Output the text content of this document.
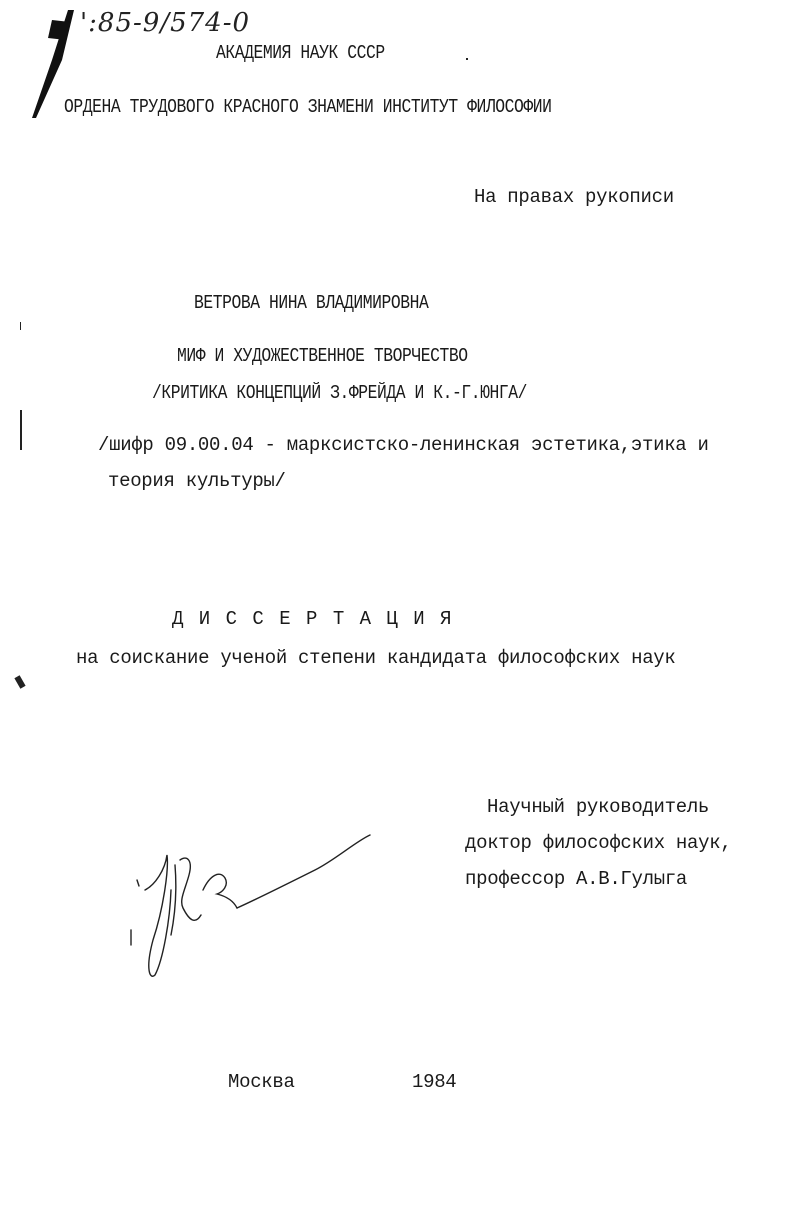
':85-9/574-0
АКАДЕМИЯ НАУК СССР
ОРДЕНА ТРУДОВОГО КРАСНОГО ЗНАМЕНИ ИНСТИТУТ ФИЛОСОФИИ
На правах рукописи
ВЕТРОВА НИНА ВЛАДИМИРОВНА
МИФ И ХУДОЖЕСТВЕННОЕ ТВОРЧЕСТВО
/КРИТИКА КОНЦЕПЦИЙ З.ФРЕЙДА И К.-Г.ЮНГА/
/шифр 09.00.04 - марксистско-ленинская эстетика,этика и
теория культуры/
Д И С С Е Р Т А Ц И Я
на соискание ученой степени кандидата философских наук
Научный руководитель
доктор философских наук,
профессор А.В.Гулыга
Москва	1984
